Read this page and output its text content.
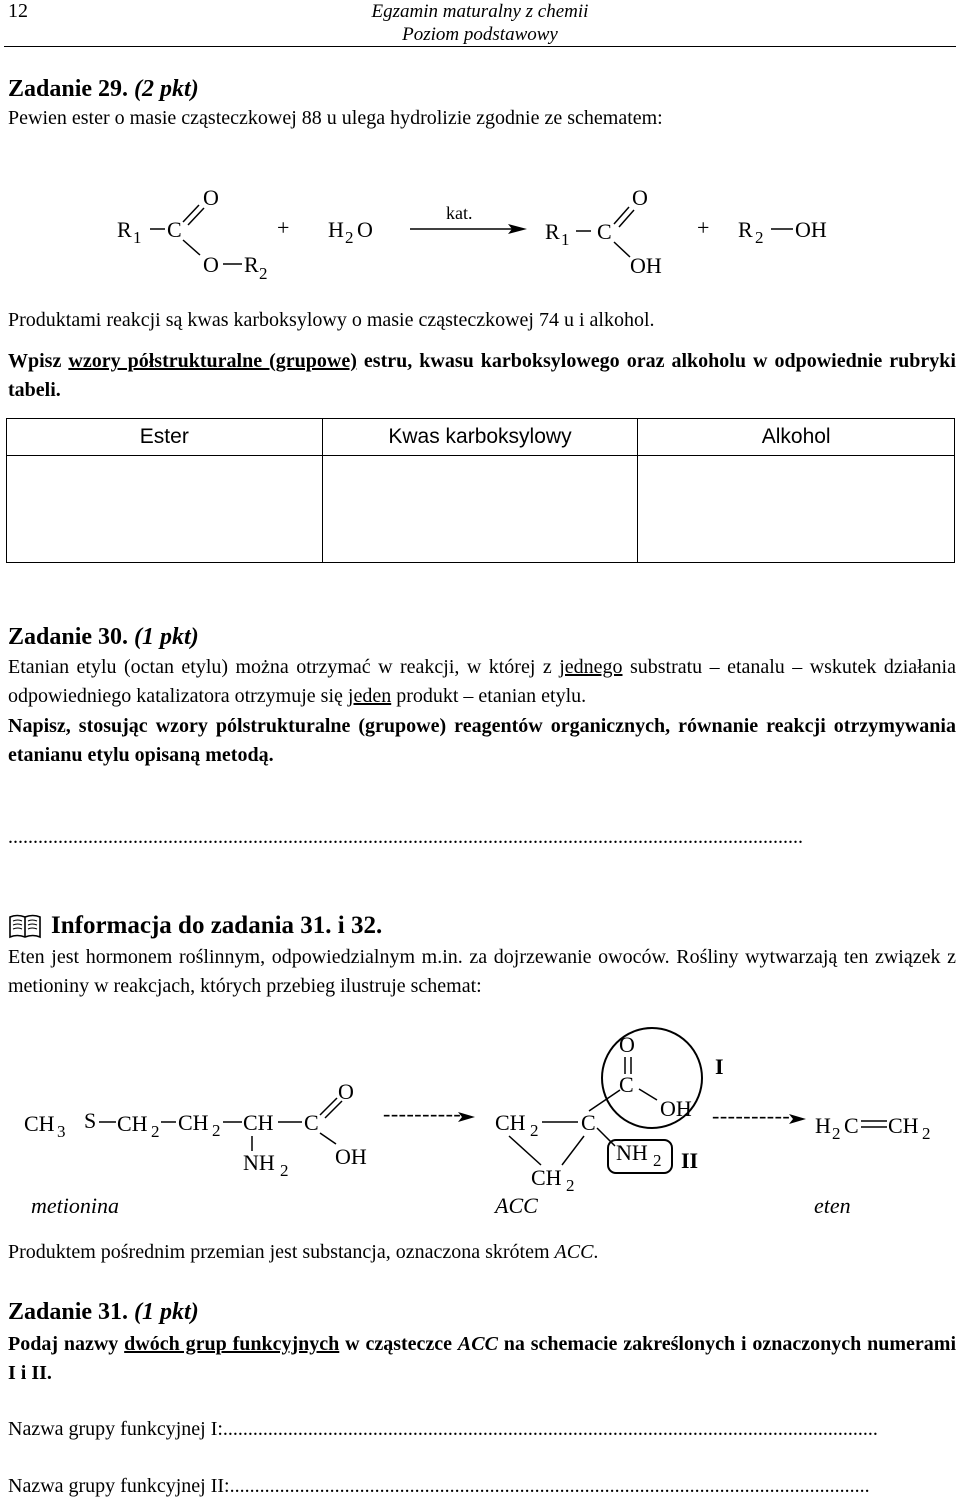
12	Egzamin maturalny z chemii
Poziom podstawowy
Zadanie 29. (2 pkt)

Pewien ester o masie cząsteczkowej 88 u ulega hydrolizie zgodnie ze schematem:

R 1 C
O
O R 2
+ H 2 O
kat.
R 1 C
O
OH
+ R 2 OH

Produktami reakcji są kwas karboksylowy o masie cząsteczkowej 74 u i alkohol.

Wpisz wzory półstrukturalne (grupowe) estru, kwasu karboksylowego oraz alkoholu w odpowiednie rubryki tabeli.

Ester	Kwas karboksylowy	Alkohol

Zadanie 30. (1 pkt)

Etanian etylu (octan etylu) można otrzymać w reakcji, w której z jednego substratu – etanalu – wskutek działania odpowiedniego katalizatora otrzymuje się jeden produkt – etanian etylu.

Napisz, stosując wzory pólstrukturalne (grupowe) reagentów organicznych, równanie reakcji otrzymywania etanianu etylu opisaną metodą.

...............................................................................................................................................................
Informacja do zadania 31. i 32.

Eten jest hormonem roślinnym, odpowiedzialnym m.in. za dojrzewanie owoców. Rośliny wytwarzają ten związek z metioniny w reakcjach, których przebieg ilustruje schemat:

CH 3 S CH 2 CH 2 CH C
O
OH
NH 2
metionina
---------- CH 2 C
CH 2
NH 2 II
C
O
OH
I
ACC
---------- H 2 C CH 2
eten

Produktem pośrednim przemian jest substancja, oznaczona skrótem ACC.

Zadanie 31. (1 pkt)

Podaj nazwy dwóch grup funkcyjnych w cząsteczce ACC na schemacie zakreślonych i oznaczonych numerami I i II.

Nazwa grupy funkcyjnej I:...................................................................................................................................
Nazwa grupy funkcyjnej II:................................................................................................................................
